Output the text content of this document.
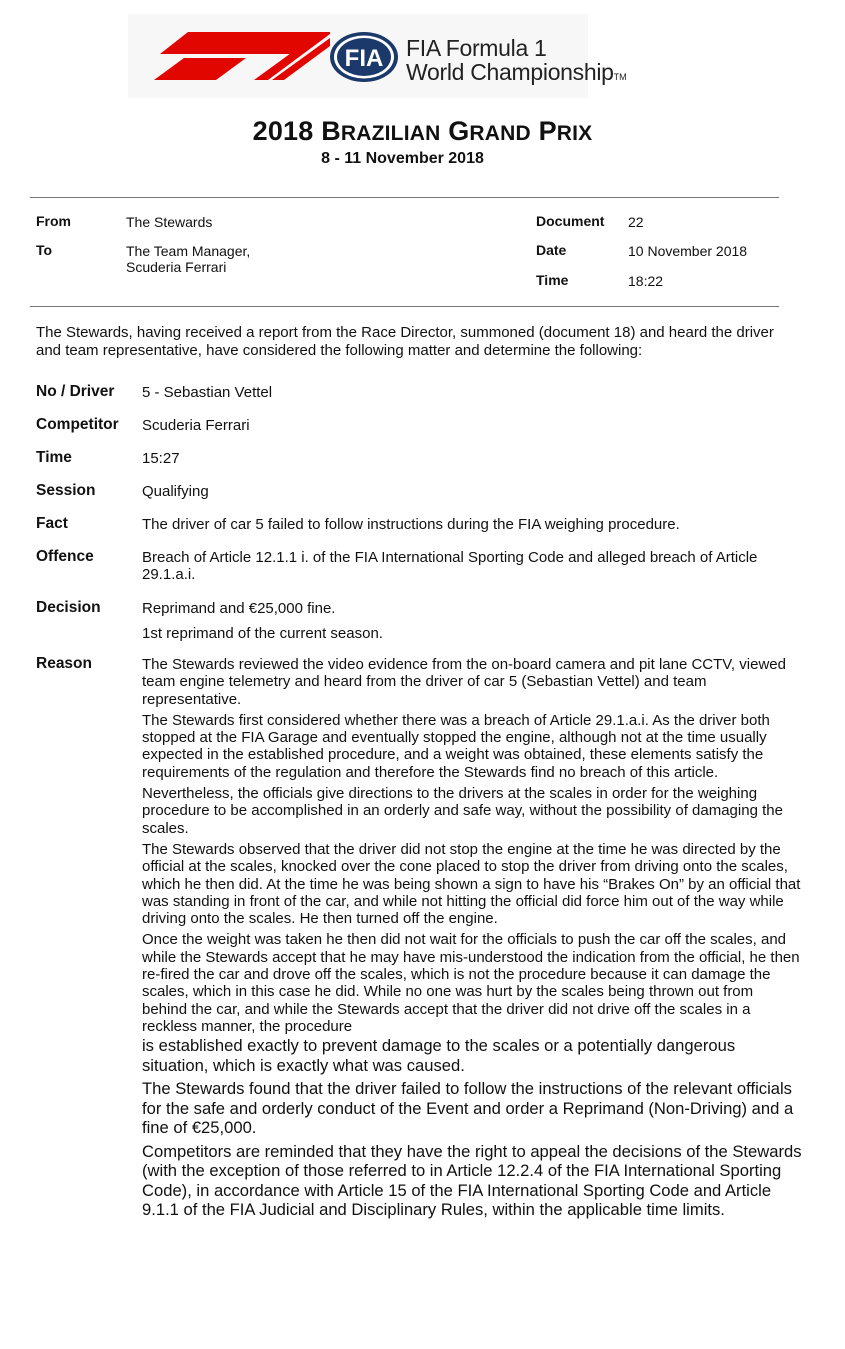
FIA FIA Formula 1
World ChampionshipTM
2018 BRAZILIAN GRAND PRIX
8 - 11 November 2018
From	The Stewards
To	The Team Manager,
Scuderia Ferrari
Document 22
Date	10 November 2018
Time	18:22
The Stewards, having received a report from the Race Director, summoned (document 18) and heard the driver and team representative, have considered the following matter and determine the following:
No / Driver 5 - Sebastian Vettel
Competitor Scuderia Ferrari
Time	15:27
Session	Qualifying
Fact	The driver of car 5 failed to follow instructions during the FIA weighing procedure.
Offence	Breach of Article 12.1.1 i. of the FIA International Sporting Code and alleged breach of Article 29.1.a.i.
Decision	Reprimand and €25,000 fine.
1st reprimand of the current season.
Reason	The Stewards reviewed the video evidence from the on-board camera and pit lane CCTV, viewed team engine telemetry and heard from the driver of car 5 (Sebastian Vettel) and team representative.

The Stewards first considered whether there was a breach of Article 29.1.a.i. As the driver both stopped at the FIA Garage and eventually stopped the engine, although not at the time usually expected in the established procedure, and a weight was obtained, these elements satisfy the requirements of the regulation and therefore the Stewards find no breach of this article.

Nevertheless, the officials give directions to the drivers at the scales in order for the weighing procedure to be accomplished in an orderly and safe way, without the possibility of damaging the scales.

The Stewards observed that the driver did not stop the engine at the time he was directed by the official at the scales, knocked over the cone placed to stop the driver from driving onto the scales, which he then did. At the time he was being shown a sign to have his “Brakes On” by an official that was standing in front of the car, and while not hitting the official did force him out of the way while driving onto the scales. He then turned off the engine.

Once the weight was taken he then did not wait for the officials to push the car off the scales, and while the Stewards accept that he may have mis-understood the indication from the official, he then re-fired the car and drove off the scales, which is not the procedure because it can damage the scales, which in this case he did. While no one was hurt by the scales being thrown out from behind the car, and while the Stewards accept that the driver did not drive off the scales in a reckless manner, the procedure

is established exactly to prevent damage to the scales or a potentially dangerous situation, which is exactly what was caused.

The Stewards found that the driver failed to follow the instructions of the relevant officials for the safe and orderly conduct of the Event and order a Reprimand (Non-Driving) and a fine of €25,000.

Competitors are reminded that they have the right to appeal the decisions of the Stewards (with the exception of those referred to in Article 12.2.4 of the FIA International Sporting Code), in accordance with Article 15 of the FIA International Sporting Code and Article 9.1.1 of the FIA Judicial and Disciplinary Rules, within the applicable time limits.
